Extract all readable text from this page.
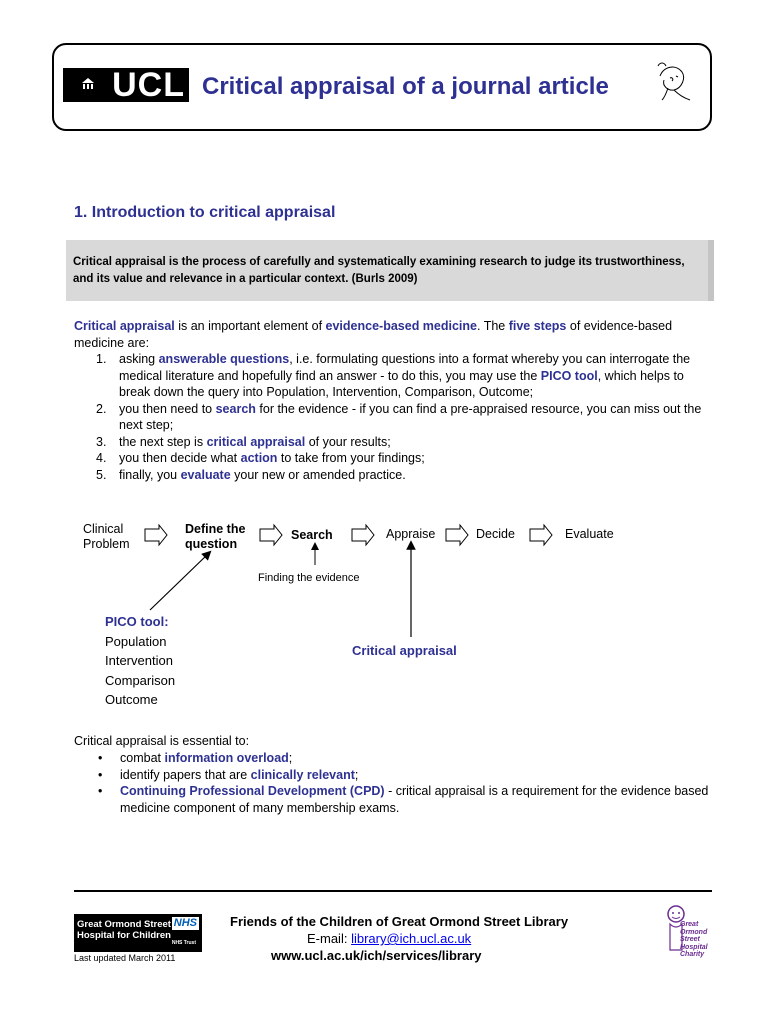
UCL Critical appraisal of a journal article
1. Introduction to critical appraisal
Critical appraisal is the process of carefully and systematically examining research to judge its trustworthiness, and its value and relevance in a particular context. (Burls 2009)
Critical appraisal is an important element of evidence-based medicine. The five steps of evidence-based medicine are:
1. asking answerable questions, i.e. formulating questions into a format whereby you can interrogate the medical literature and hopefully find an answer - to do this, you may use the PICO tool, which helps to break down the query into Population, Intervention, Comparison, Outcome;
2. you then need to search for the evidence - if you can find a pre-appraised resource, you can miss out the next step;
3. the next step is critical appraisal of your results;
4. you then decide what action to take from your findings;
5. finally, you evaluate your new or amended practice.
Clinical
Problem
Define the
question
Search	Appraise	Decide	Evaluate
Finding the evidence
PICO tool:
Population
Intervention
Comparison
Outcome
Critical appraisal
Critical appraisal is essential to:
• combat information overload;
• identify papers that are clinically relevant;
• Continuing Professional Development (CPD) - critical appraisal is a requirement for the evidence based medicine component of many membership exams.
Great Ormond Street
Hospital for Children
NHS
NHS Trust
Last updated March 2011
Friends of the Children of Great Ormond Street Library
E-mail: library@ich.ucl.ac.uk
www.ucl.ac.uk/ich/services/library
Great
Ormond
Street
Hospital
Charity
